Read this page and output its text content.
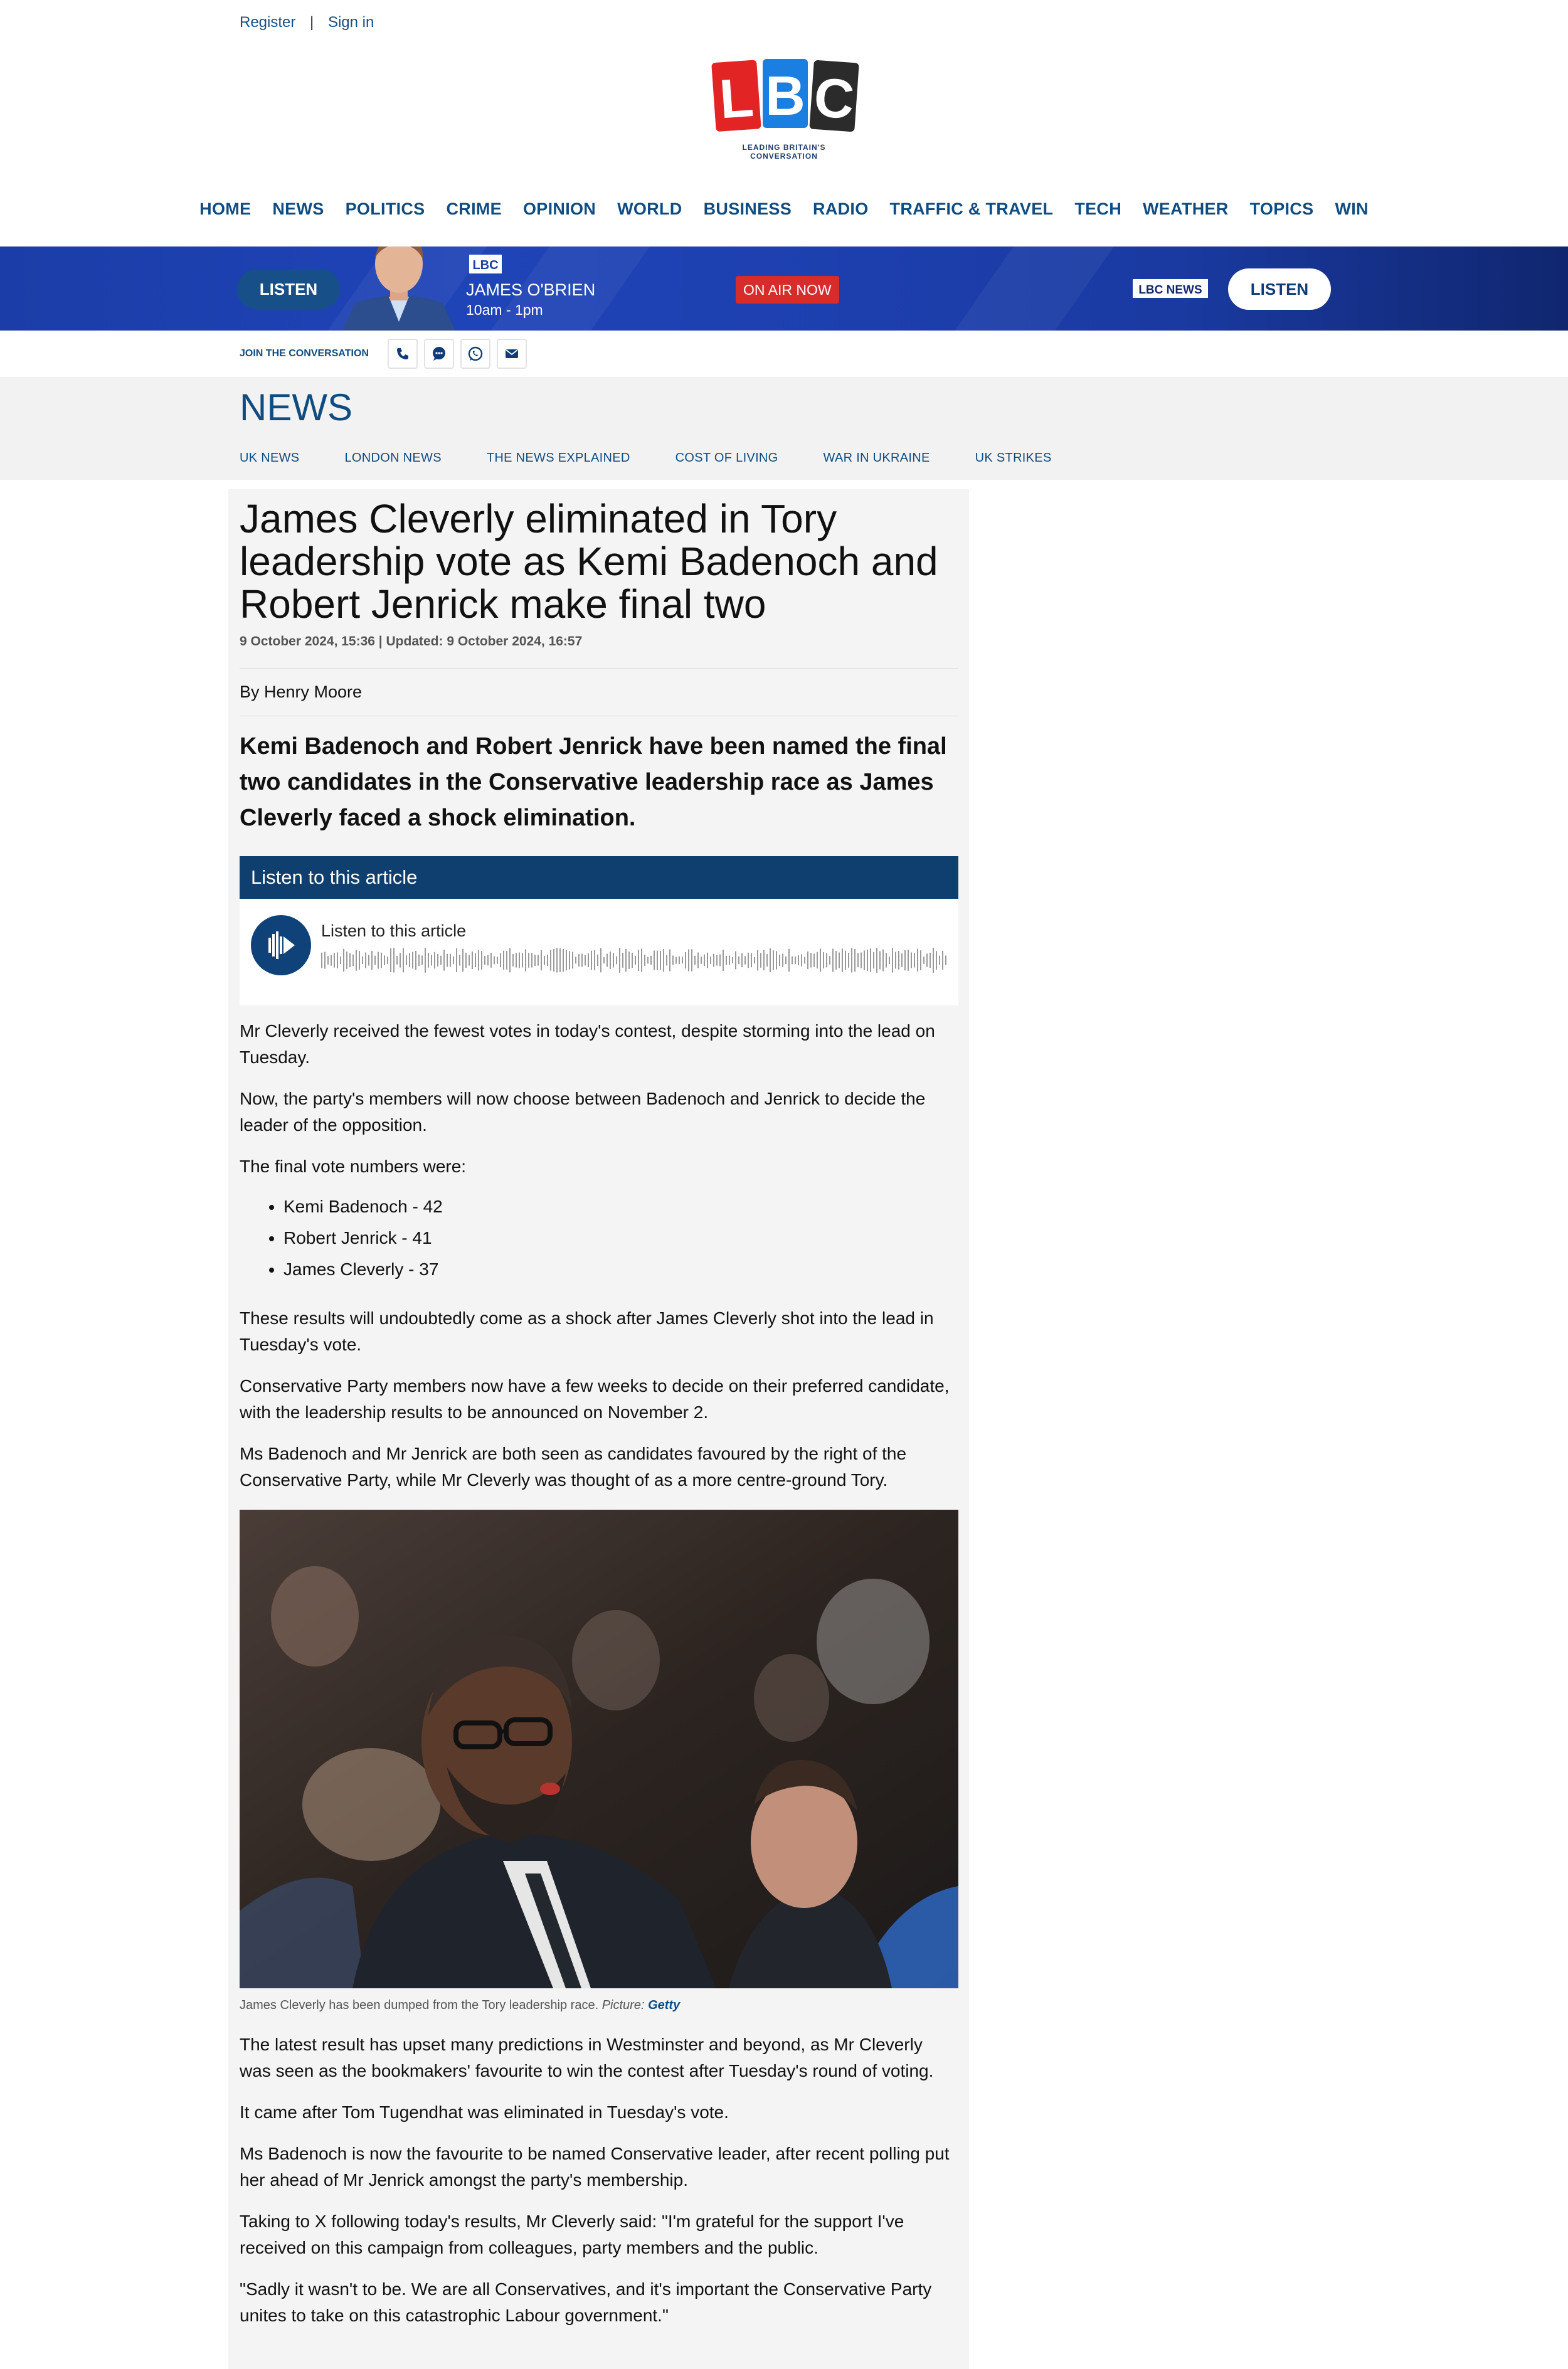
Register | Sign in
L B C
LEADING BRITAIN'S CONVERSATION
HOME	NEWS	POLITICS	CRIME	OPINION	WORLD	BUSINESS	RADIO	TRAFFIC & TRAVEL	TECH	WEATHER	TOPICS	WIN
LISTEN
LBC
JAMES O'BRIEN
10am - 1pm
ON AIR NOW	LBC NEWS	LISTEN
JOIN THE CONVERSATION
NEWS
UK NEWS	LONDON NEWS	THE NEWS EXPLAINED	COST OF LIVING	WAR IN UKRAINE	UK STRIKES
James Cleverly eliminated in Tory leadership vote as Kemi Badenoch and Robert Jenrick make final two
9 October 2024, 15:36 | Updated: 9 October 2024, 16:57
By Henry Moore
Kemi Badenoch and Robert Jenrick have been named the final two candidates in the Conservative leadership race as James Cleverly faced a shock elimination.
Listen to this article
Listen to this article
Mr Cleverly received the fewest votes in today's contest, despite storming into the lead on Tuesday.
Now, the party's members will now choose between Badenoch and Jenrick to decide the leader of the opposition.
The final vote numbers were:
• Kemi Badenoch - 42
• Robert Jenrick - 41
• James Cleverly - 37
These results will undoubtedly come as a shock after James Cleverly shot into the lead in Tuesday's vote.
Conservative Party members now have a few weeks to decide on their preferred candidate, with the leadership results to be announced on November 2.
Ms Badenoch and Mr Jenrick are both seen as candidates favoured by the right of the Conservative Party, while Mr Cleverly was thought of as a more centre-ground Tory.
James Cleverly has been dumped from the Tory leadership race. Picture: Getty
The latest result has upset many predictions in Westminster and beyond, as Mr Cleverly was seen as the bookmakers' favourite to win the contest after Tuesday's round of voting.
It came after Tom Tugendhat was eliminated in Tuesday's vote.
Ms Badenoch is now the favourite to be named Conservative leader, after recent polling put her ahead of Mr Jenrick amongst the party's membership.
Taking to X following today's results, Mr Cleverly said: "I'm grateful for the support I've received on this campaign from colleagues, party members and the public.
"Sadly it wasn't to be. We are all Conservatives, and it's important the Conservative Party unites to take on this catastrophic Labour government."
